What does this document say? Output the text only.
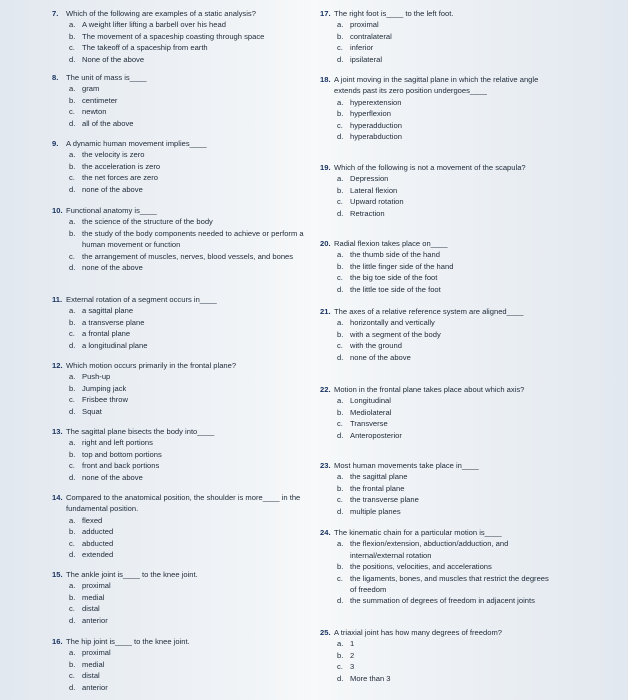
7. Which of the following are examples of a static analysis?
a. A weight lifter lifting a barbell over his head
b. The movement of a spaceship coasting through space
c. The takeoff of a spaceship from earth
d. None of the above
8. The unit of mass is____
a. gram
b. centimeter
c. newton
d. all of the above
9. A dynamic human movement implies____
a. the velocity is zero
b. the acceleration is zero
c. the net forces are zero
d. none of the above
10. Functional anatomy is____
a. the science of the structure of the body
b. the study of the body components needed to achieve or perform a human movement or function
c. the arrangement of muscles, nerves, blood vessels, and bones
d. none of the above
11. External rotation of a segment occurs in____
a. a sagittal plane
b. a transverse plane
c. a frontal plane
d. a longitudinal plane
12. Which motion occurs primarily in the frontal plane?
a. Push-up
b. Jumping jack
c. Frisbee throw
d. Squat
13. The sagittal plane bisects the body into____
a. right and left portions
b. top and bottom portions
c. front and back portions
d. none of the above
14. Compared to the anatomical position, the shoulder is more____ in the fundamental position.
a. flexed
b. adducted
c. abducted
d. extended
15. The ankle joint is____ to the knee joint.
a. proximal
b. medial
c. distal
d. anterior
16. The hip joint is____ to the knee joint.
a. proximal
b. medial
c. distal
d. anterior
17. The right foot is____ to the left foot.
a. proximal
b. contralateral
c. inferior
d. ipsilateral
18. A joint moving in the sagittal plane in which the relative angle extends past its zero position undergoes____
a. hyperextension
b. hyperflexion
c. hyperadduction
d. hyperabduction
19. Which of the following is not a movement of the scapula?
a. Depression
b. Lateral flexion
c. Upward rotation
d. Retraction
20. Radial flexion takes place on____
a. the thumb side of the hand
b. the little finger side of the hand
c. the big toe side of the foot
d. the little toe side of the foot
21. The axes of a relative reference system are aligned____
a. horizontally and vertically
b. with a segment of the body
c. with the ground
d. none of the above
22. Motion in the frontal plane takes place about which axis?
a. Longitudinal
b. Mediolateral
c. Transverse
d. Anteroposterior
23. Most human movements take place in____
a. the sagittal plane
b. the frontal plane
c. the transverse plane
d. multiple planes
24. The kinematic chain for a particular motion is____
a. the flexion/extension, abduction/adduction, and internal/external rotation
b. the positions, velocities, and accelerations
c. the ligaments, bones, and muscles that restrict the degrees of freedom
d. the summation of degrees of freedom in adjacent joints
25. A triaxial joint has how many degrees of freedom?
a. 1
b. 2
c. 3
d. More than 3
